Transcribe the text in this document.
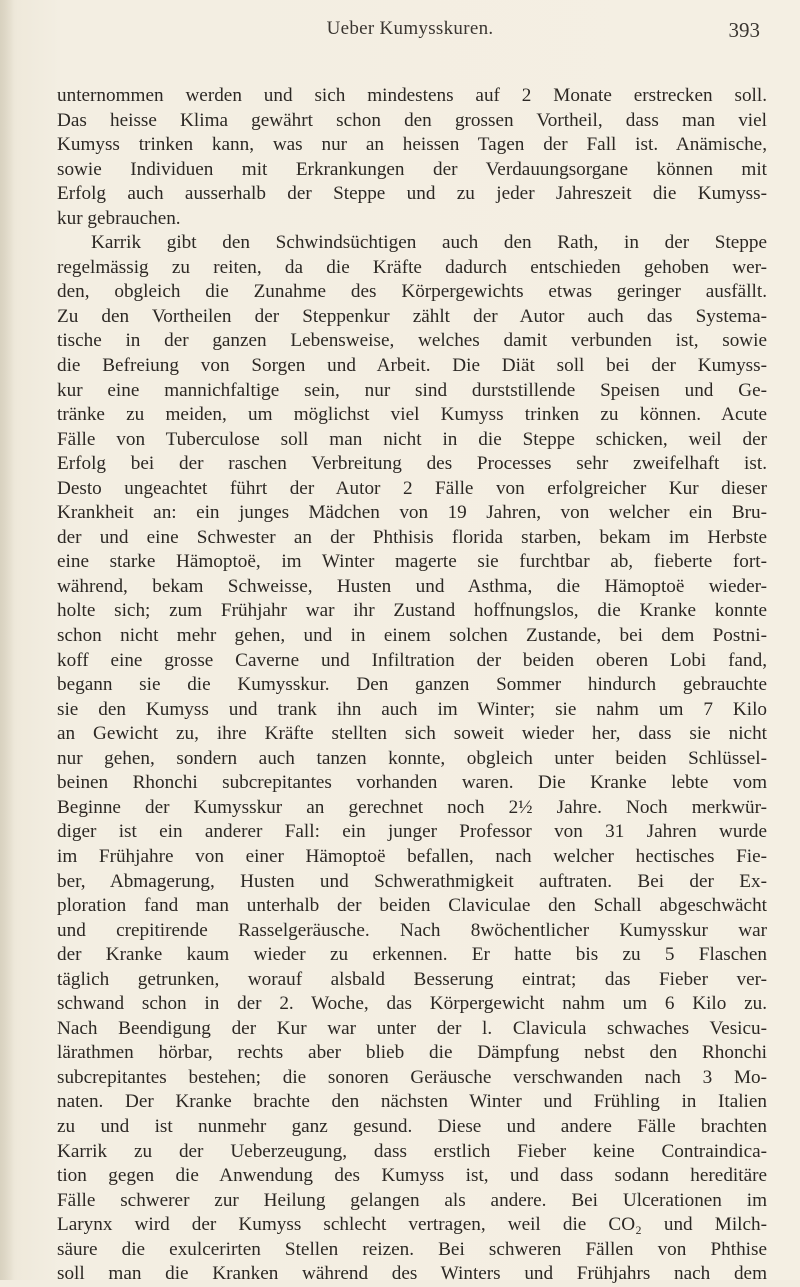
Ueber Kumysskuren.	393
unternommen werden und sich mindestens auf 2 Monate erstrecken soll.
Das heisse Klima gewährt schon den grossen Vortheil, dass man viel
Kumyss trinken kann, was nur an heissen Tagen der Fall ist. Anämische,
sowie Individuen mit Erkrankungen der Verdauungsorgane können mit
Erfolg auch ausserhalb der Steppe und zu jeder Jahreszeit die Kumyss-
kur gebrauchen.
Karrik gibt den Schwindsüchtigen auch den Rath, in der Steppe
regelmässig zu reiten, da die Kräfte dadurch entschieden gehoben wer-
den, obgleich die Zunahme des Körpergewichts etwas geringer ausfällt.
Zu den Vortheilen der Steppenkur zählt der Autor auch das Systema-
tische in der ganzen Lebensweise, welches damit verbunden ist, sowie
die Befreiung von Sorgen und Arbeit. Die Diät soll bei der Kumyss-
kur eine mannichfaltige sein, nur sind durststillende Speisen und Ge-
tränke zu meiden, um möglichst viel Kumyss trinken zu können. Acute
Fälle von Tuberculose soll man nicht in die Steppe schicken, weil der
Erfolg bei der raschen Verbreitung des Processes sehr zweifelhaft ist.
Desto ungeachtet führt der Autor 2 Fälle von erfolgreicher Kur dieser
Krankheit an: ein junges Mädchen von 19 Jahren, von welcher ein Bru-
der und eine Schwester an der Phthisis florida starben, bekam im Herbste
eine starke Hämoptoë, im Winter magerte sie furchtbar ab, fieberte fort-
während, bekam Schweisse, Husten und Asthma, die Hämoptoë wieder-
holte sich; zum Frühjahr war ihr Zustand hoffnungslos, die Kranke konnte
schon nicht mehr gehen, und in einem solchen Zustande, bei dem Postni-
koff eine grosse Caverne und Infiltration der beiden oberen Lobi fand,
begann sie die Kumysskur. Den ganzen Sommer hindurch gebrauchte
sie den Kumyss und trank ihn auch im Winter; sie nahm um 7 Kilo
an Gewicht zu, ihre Kräfte stellten sich soweit wieder her, dass sie nicht
nur gehen, sondern auch tanzen konnte, obgleich unter beiden Schlüssel-
beinen Rhonchi subcrepitantes vorhanden waren. Die Kranke lebte vom
Beginne der Kumysskur an gerechnet noch 2½ Jahre. Noch merkwür-
diger ist ein anderer Fall: ein junger Professor von 31 Jahren wurde
im Frühjahre von einer Hämoptoë befallen, nach welcher hectisches Fie-
ber, Abmagerung, Husten und Schwerathmigkeit auftraten. Bei der Ex-
ploration fand man unterhalb der beiden Claviculae den Schall abgeschwächt
und crepitirende Rasselgeräusche. Nach 8wöchentlicher Kumysskur war
der Kranke kaum wieder zu erkennen. Er hatte bis zu 5 Flaschen
täglich getrunken, worauf alsbald Besserung eintrat; das Fieber ver-
schwand schon in der 2. Woche, das Körpergewicht nahm um 6 Kilo zu.
Nach Beendigung der Kur war unter der l. Clavicula schwaches Vesicu-
lärathmen hörbar, rechts aber blieb die Dämpfung nebst den Rhonchi
subcrepitantes bestehen; die sonoren Geräusche verschwanden nach 3 Mo-
naten. Der Kranke brachte den nächsten Winter und Frühling in Italien
zu und ist nunmehr ganz gesund. Diese und andere Fälle brachten
Karrik zu der Ueberzeugung, dass erstlich Fieber keine Contraindica-
tion gegen die Anwendung des Kumyss ist, und dass sodann hereditäre
Fälle schwerer zur Heilung gelangen als andere. Bei Ulcerationen im
Larynx wird der Kumyss schlecht vertragen, weil die CO₂ und Milch-
säure die exulcerirten Stellen reizen. Bei schweren Fällen von Phthise
soll man die Kranken während des Winters und Frühjahrs nach dem
